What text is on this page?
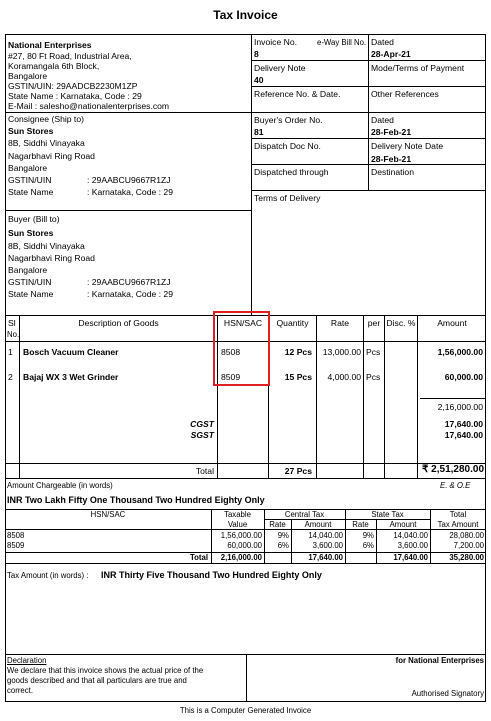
Tax Invoice
National Enterprises
#27, 80 Ft Road, Industrial Area,
Koramangala 6th Block,
Bangalore
GSTIN/UIN: 29AADCB2230M1ZP
State Name : Karnataka, Code : 29
E-Mail : salesho@nationalenterprises.com
Invoice No.	e-Way Bill No.
8
Dated
28-Apr-21
Delivery Note
40
Mode/Terms of Payment
Reference No. & Date.	Other References
Buyer's Order No.
81
Dated
28-Feb-21
Dispatch Doc No.	Delivery Note Date
28-Feb-21
Dispatched through	Destination
Terms of Delivery
Consignee (Ship to)
Sun Stores
8B, Siddhi Vinayaka
Nagarbhavi Ring Road
Bangalore
GSTIN/UIN	: 29AABCU9667R1ZJ
State Name	: Karnataka, Code : 29
Buyer (Bill to)
Sun Stores
8B, Siddhi Vinayaka
Nagarbhavi Ring Road
Bangalore
GSTIN/UIN	: 29AABCU9667R1ZJ
State Name	: Karnataka, Code : 29
Sl
No.
Description of Goods	HSN/SAC	Quantity	Rate	per Disc. %	Amount
1 Bosch Vacuum Cleaner	8508	12 Pcs	13,000.00 Pcs	1,56,000.00
2 Bajaj WX 3 Wet Grinder	8509	15 Pcs	4,000.00 Pcs	60,000.00
2,16,000.00
CGST	17,640.00
SGST	17,640.00
Total	27 Pcs	₹ 2,51,280.00
Amount Chargeable (in words)	E. & O.E
INR Two Lakh Fifty One Thousand Two Hundred Eighty Only
HSN/SAC	Taxable
Value
Central Tax	State Tax	Total
Tax Amount
Rate	Amount	Rate	Amount
8508	1,56,000.00	9%	14,040.00	9%	14,040.00	28,080.00
8509	60,000.00	6%	3,600.00	6%	3,600.00	7,200.00
Total	2,16,000.00	17,640.00	17,640.00	35,280.00
Tax Amount (in words) : INR Thirty Five Thousand Two Hundred Eighty Only
Declaration
We declare that this invoice shows the actual price of the
goods described and that all particulars are true and
correct.
for National Enterprises
Authorised Signatory
This is a Computer Generated Invoice
